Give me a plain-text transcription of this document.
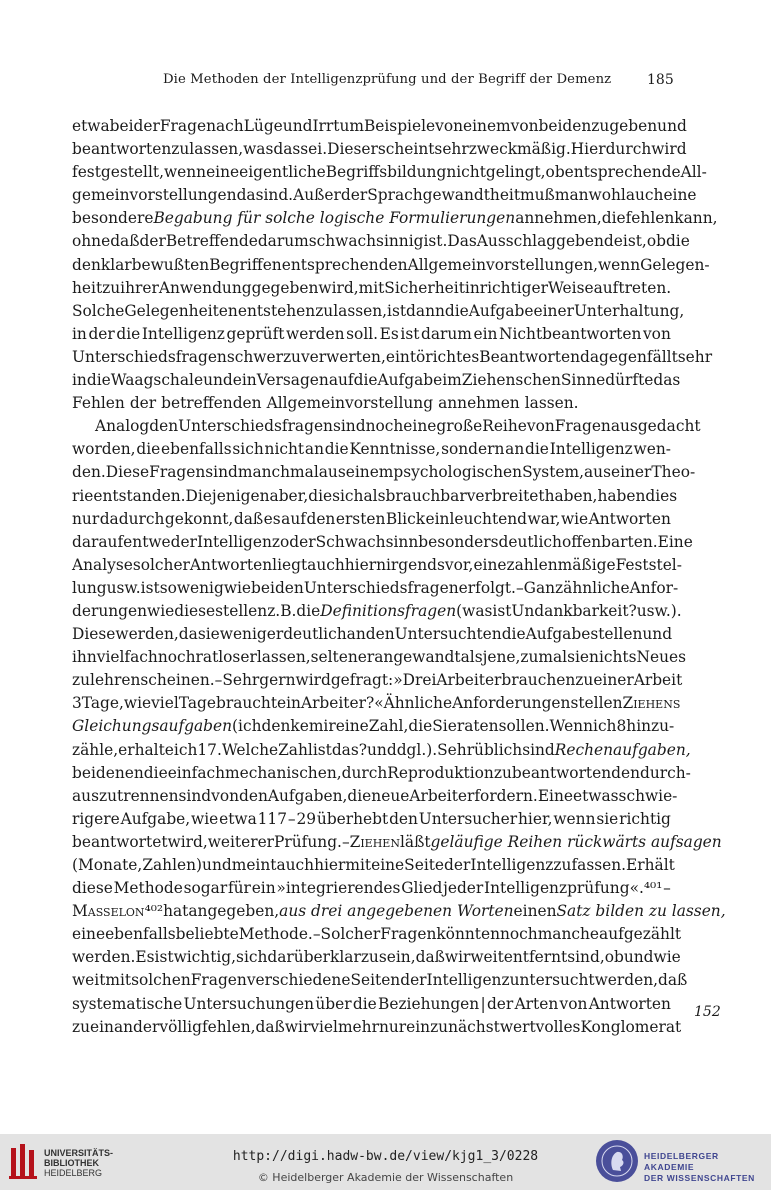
Die Methoden der Intelligenzprüfung und der Begriff der Demenz	185
etwa bei der Frage nach Lüge und Irrtum Beispiele von einem von beiden zu geben und
beantworten zu lassen, was das sei. Dies erscheint sehr zweckmäßig. Hierdurch wird
festgestellt, wenn eine eigentliche Begriffsbildung nicht gelingt, ob entsprechende All-
gemeinvorstellungen da sind. Außer der Sprachgewandtheit muß man wohl auch eine
besondere Begabung für solche logische Formulierungen annehmen, die fehlen kann,
ohne daß der Betreffende darum schwachsinnig ist. Das Ausschlaggebende ist, ob die
den klar bewußten Begriffen entsprechenden Allgemeinvorstellungen, wenn Gelegen-
heit zu ihrer Anwendung gegeben wird, mit Sicherheit in richtiger Weise auftreten.
Solche Gelegenheiten entstehen zu lassen, ist dann die Aufgabe einer Unterhaltung,
in der die Intelligenz geprüft werden soll. Es ist darum ein Nichtbeantworten von
Unterschiedsfragen schwer zu verwerten, ein törichtes Beantworten dagegen fällt sehr
in die Waagschale und ein Versagen auf die Aufgabe im Ziehenschen Sinne dürfte das
Fehlen der betreffenden Allgemeinvorstellung annehmen lassen.
Analog den Unterschiedsfragen sind noch eine große Reihe von Fragen ausgedacht
worden, die ebenfalls sich nicht an die Kenntnisse, sondern an die Intelligenz wen-
den. Diese Fragen sind manchmal aus einem psychologischen System, aus einer Theo-
rie entstanden. Diejenigen aber, die sich als brauchbar verbreitet haben, haben dies
nur dadurch gekonnt, daß es auf den ersten Blick einleuchtend war, wie Antworten
darauf entweder Intelligenz oder Schwachsinn besonders deutlich offenbarten. Eine
Analyse solcher Antworten liegt auch hier nirgends vor, eine zahlenmäßige Feststel-
lung usw. ist so wenig wie bei den Unterschiedsfragen erfolgt. – Ganz ähnliche Anfor-
derungen wie diese stellen z.B. die Definitionsfragen (was ist Undankbarkeit? usw.).
Diese werden, da sie weniger deutlich an den Untersuchten die Aufgabe stellen und
ihn vielfach noch ratloser lassen, seltener angewandt als jene, zumal sie nichts Neues
zu lehren scheinen. – Sehr gern wird gefragt: »Drei Arbeiter brauchen zu einer Arbeit
3 Tage, wieviel Tage braucht ein Arbeiter?« Ähnliche Anforderungen stellen Ziehens
Gleichungsaufgaben (ich denke mir eine Zahl, die Sie raten sollen. Wenn ich 8 hinzu-
zähle, erhalte ich 17. Welche Zahl ist das? und dgl.). Sehr üblich sind Rechenaufgaben,
bei denen die einfach mechanischen, durch Reproduktion zu beantwortenden durch-
aus zu trennen sind von den Aufgaben, die neue Arbeit erfordern. Eine etwas schwie-
rigere Aufgabe, wie etwa 117 – 29 überhebt den Untersucher hier, wenn sie richtig
beantwortet wird, weiterer Prüfung. – Ziehen läßt geläufige Reihen rückwärts aufsagen
(Monate, Zahlen) und meint auch hiermit eine Seite der Intelligenz zu fassen. Er hält
diese Methode sogar für ein »integrierendes Glied jeder Intelligenzprüfung«.⁴⁰¹ –
Masselon ⁴⁰² hat angegeben, aus drei angegebenen Worten einen Satz bilden zu lassen,
eine ebenfalls beliebte Methode. – Solcher Fragen könnten noch manche aufgezählt
werden. Es ist wichtig, sich darüber klar zu sein, daß wir weit entfernt sind, ob und wie
weit mit solchen Fragen verschiedene Seiten der Intelligenz untersucht werden, daß
systematische Untersuchungen über die Beziehungen | der Arten von Antworten
zueinander völlig fehlen, daß wir vielmehr nur ein zunächst wertvolles Konglomerat
152
UNIVERSITÄTS-
BIBLIOTHEK
HEIDELBERG
http://digi.hadw-bw.de/view/kjg1_3/0228
© Heidelberger Akademie der Wissenschaften
HEIDELBERGER AKADEMIE
DER WISSENSCHAFTEN
